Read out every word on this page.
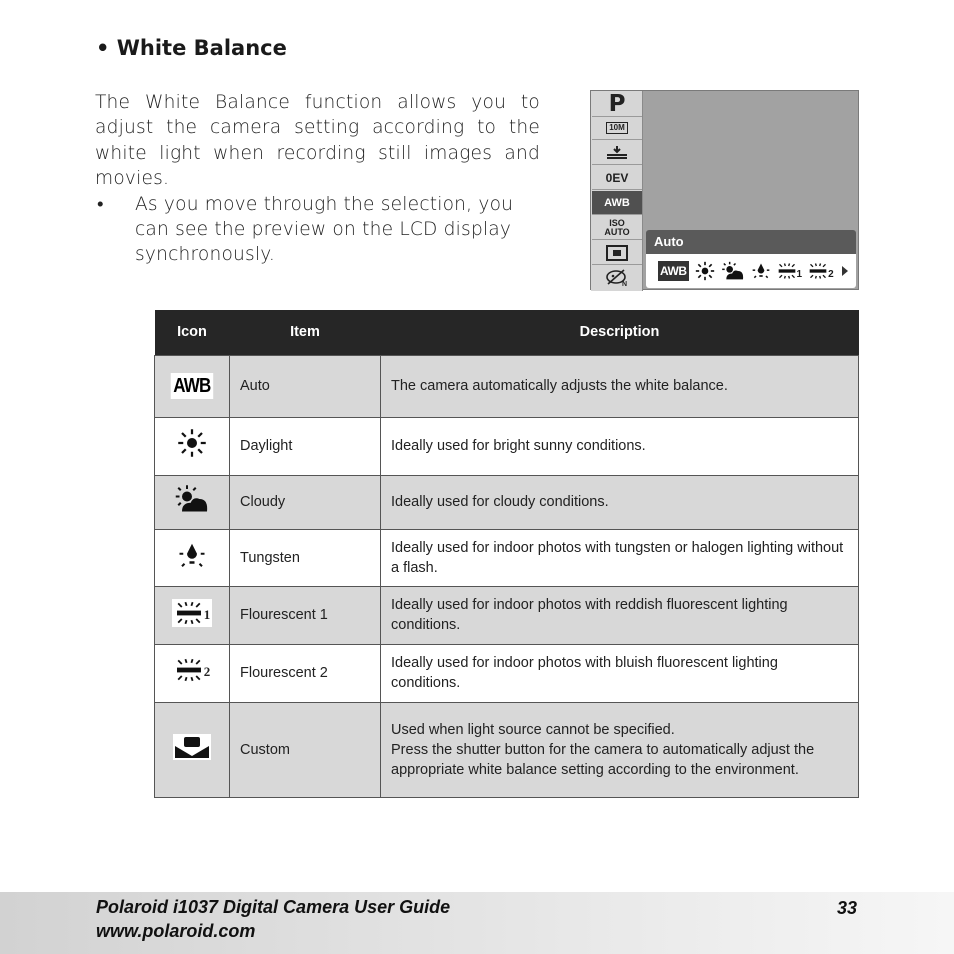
• White Balance
The White Balance function allows you to adjust the camera setting according to the white light when recording still images and movies.
•	As you move through the selection, you can see the preview on the LCD display synchronously.
P
10M
0EV
AWB
ISO
AUTO
N
Auto
AWB	1	2
Icon	Item	Description
AWB	Auto	The camera automatically adjusts the white balance.
	Daylight	Ideally used for bright sunny conditions.
	Cloudy	Ideally used for cloudy conditions.
	Tungsten	Ideally used for indoor photos with tungsten or halogen lighting without a flash.

1	Flourescent 1	Ideally used for indoor photos with reddish fluorescent lighting conditions.

2	Flourescent 2	Ideally used for indoor photos with bluish fluorescent lighting conditions.
	Custom	Used when light source cannot be specified.
Press the shutter button for the camera to automatically adjust the appropriate white balance setting according to the environment.
Polaroid i1037 Digital Camera User Guide
www.polaroid.com
33
